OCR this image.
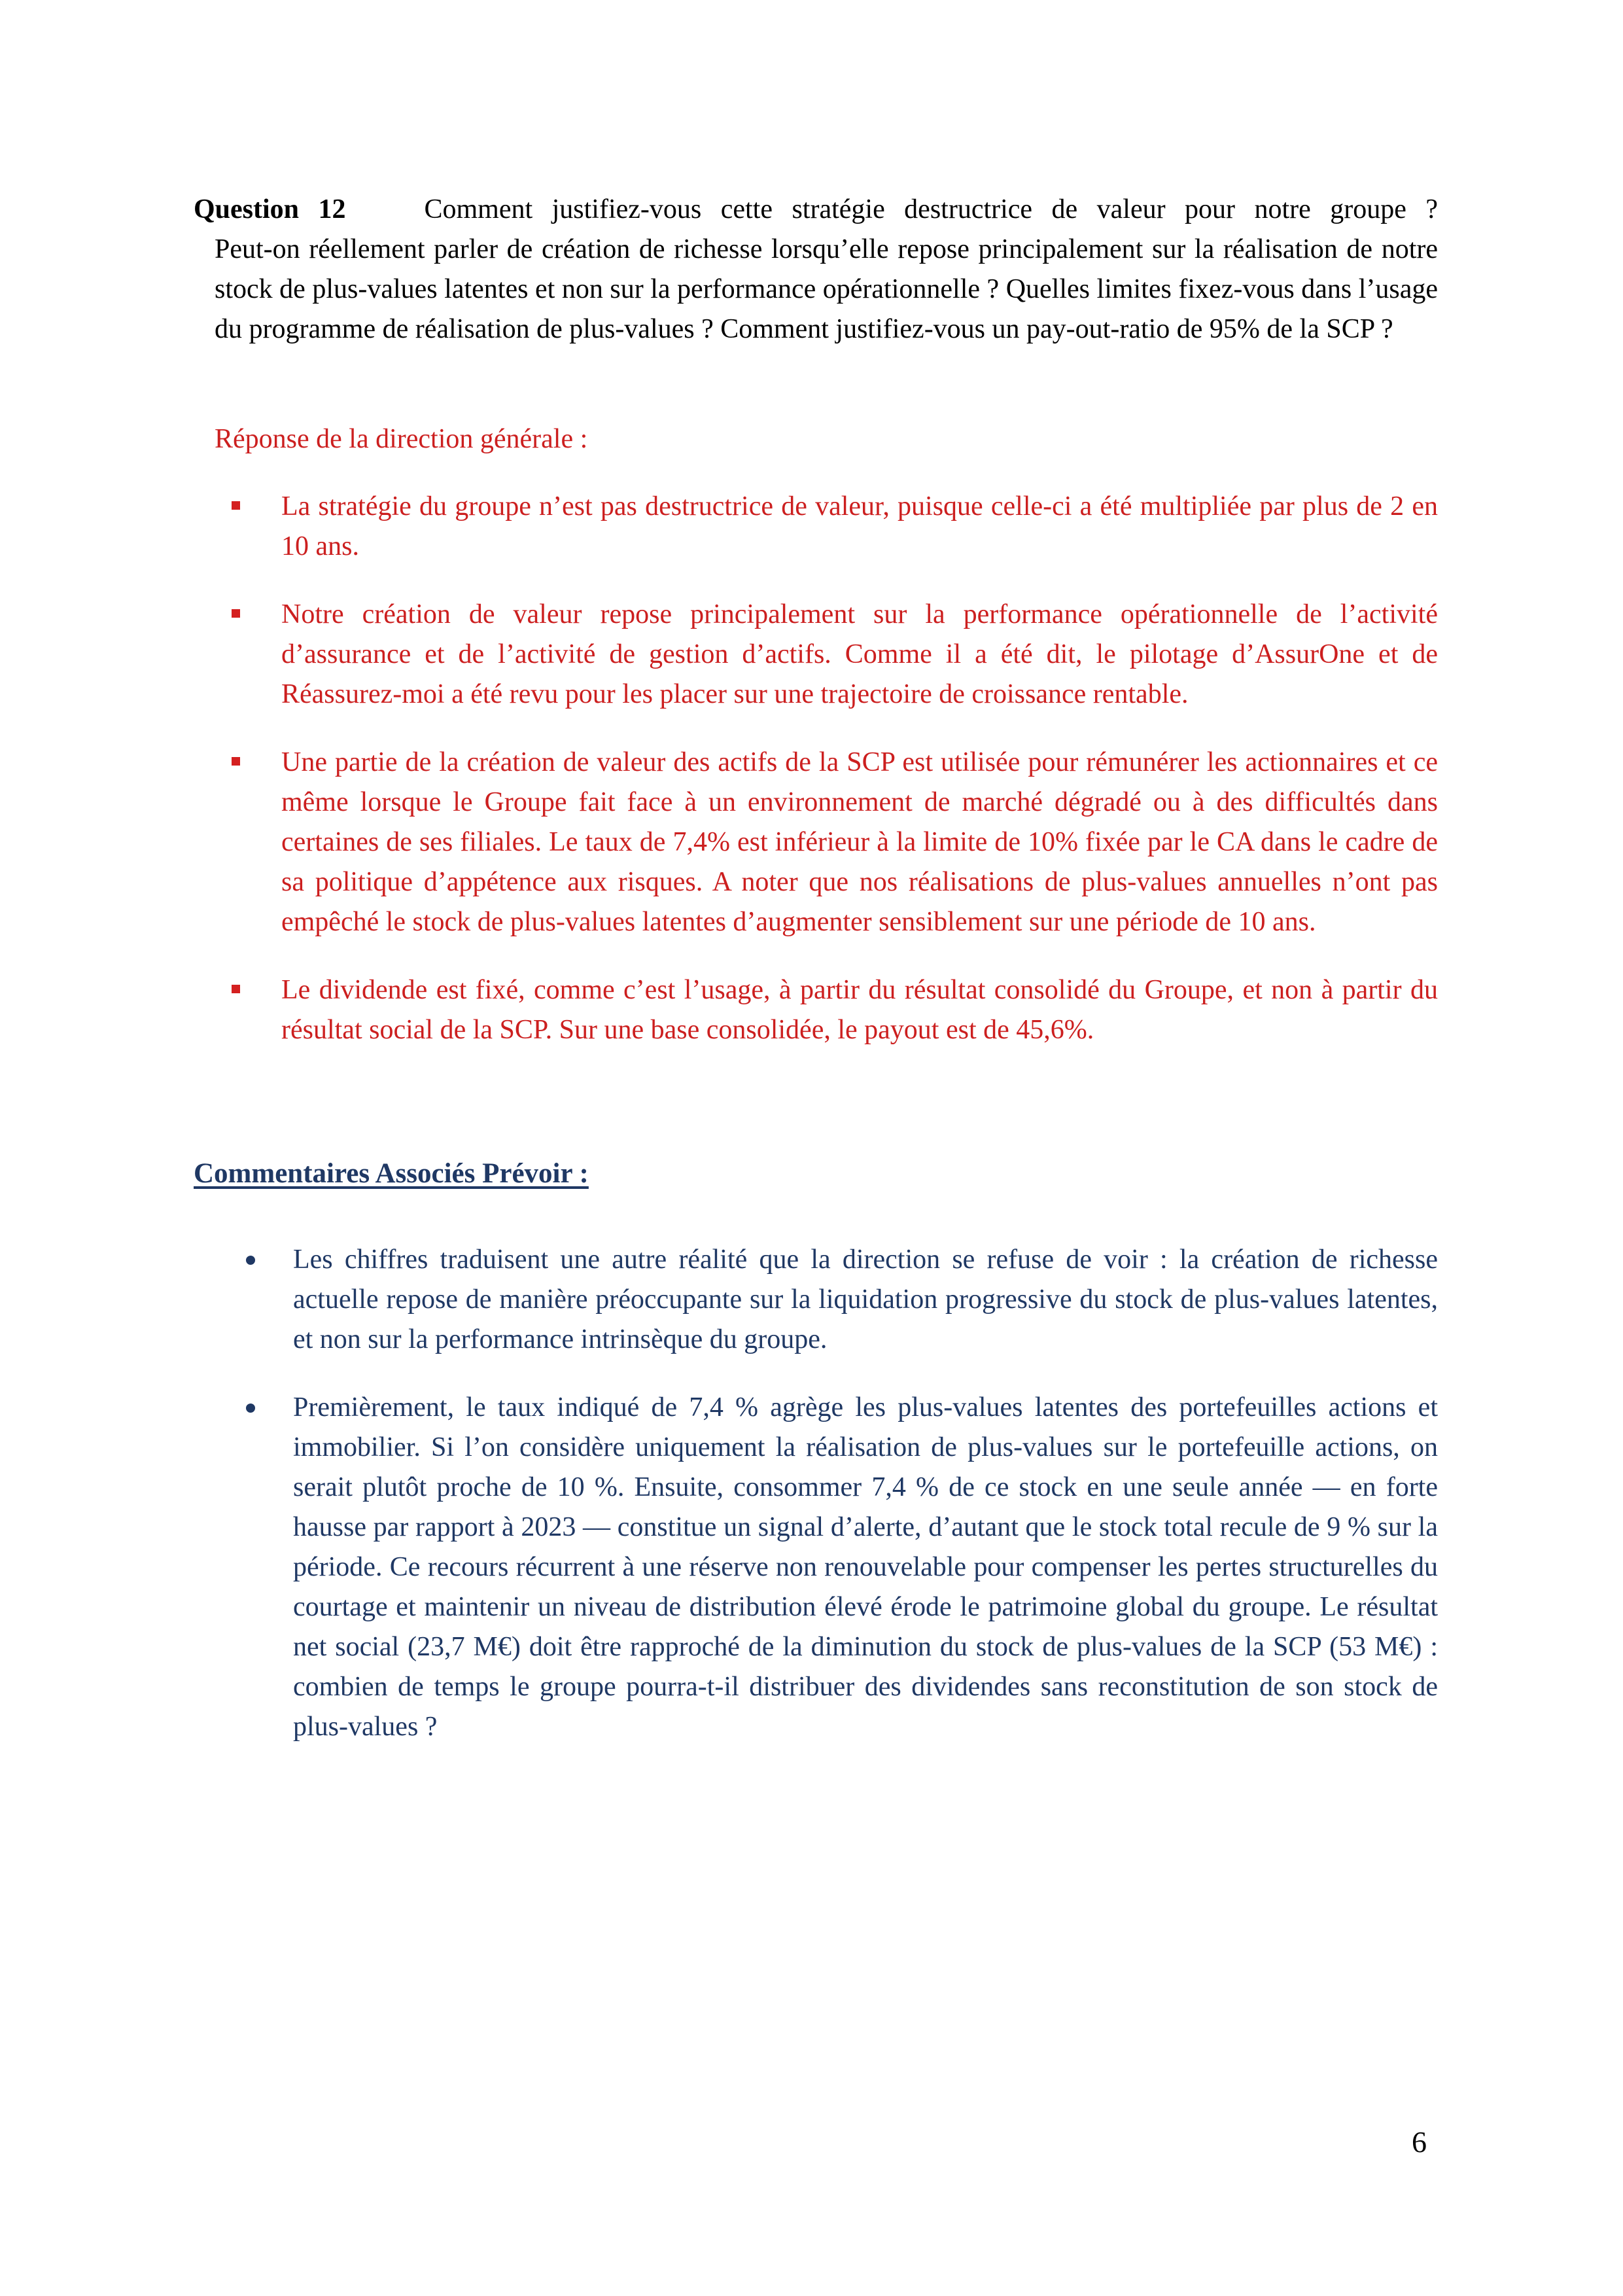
Question 12	Comment justifiez-vous cette stratégie destructrice de valeur pour notre groupe ?
Peut-on réellement parler de création de richesse lorsqu’elle repose principalement sur la réalisation de notre stock de plus-values latentes et non sur la performance opérationnelle ? Quelles limites fixez-vous dans l’usage du programme de réalisation de plus-values ? Comment justifiez-vous un pay-out-ratio de 95% de la SCP ?
Réponse de la direction générale :
La stratégie du groupe n’est pas destructrice de valeur, puisque celle-ci a été multipliée par plus de 2 en 10 ans.
Notre création de valeur repose principalement sur la performance opérationnelle de l’activité d’assurance et de l’activité de gestion d’actifs. Comme il a été dit, le pilotage d’AssurOne et de Réassurez-moi a été revu pour les placer sur une trajectoire de croissance rentable.
Une partie de la création de valeur des actifs de la SCP est utilisée pour rémunérer les actionnaires et ce même lorsque le Groupe fait face à un environnement de marché dégradé ou à des difficultés dans certaines de ses filiales. Le taux de 7,4% est inférieur à la limite de 10% fixée par le CA dans le cadre de sa politique d’appétence aux risques. A noter que nos réalisations de plus-values annuelles n’ont pas empêché le stock de plus-values latentes d’augmenter sensiblement sur une période de 10 ans.
Le dividende est fixé, comme c’est l’usage, à partir du résultat consolidé du Groupe, et non à partir du résultat social de la SCP. Sur une base consolidée, le payout est de 45,6%.
Commentaires Associés Prévoir :
Les chiffres traduisent une autre réalité que la direction se refuse de voir : la création de richesse actuelle repose de manière préoccupante sur la liquidation progressive du stock de plus-values latentes, et non sur la performance intrinsèque du groupe.
Premièrement, le taux indiqué de 7,4 % agrège les plus-values latentes des portefeuilles actions et immobilier. Si l’on considère uniquement la réalisation de plus-values sur le portefeuille actions, on serait plutôt proche de 10 %. Ensuite, consommer 7,4 % de ce stock en une seule année — en forte hausse par rapport à 2023 — constitue un signal d’alerte, d’autant que le stock total recule de 9 % sur la période. Ce recours récurrent à une réserve non renouvelable pour compenser les pertes structurelles du courtage et maintenir un niveau de distribution élevé érode le patrimoine global du groupe. Le résultat net social (23,7 M€) doit être rapproché de la diminution du stock de plus-values de la SCP (53 M€) : combien de temps le groupe pourra-t-il distribuer des dividendes sans reconstitution de son stock de plus-values ?
6
